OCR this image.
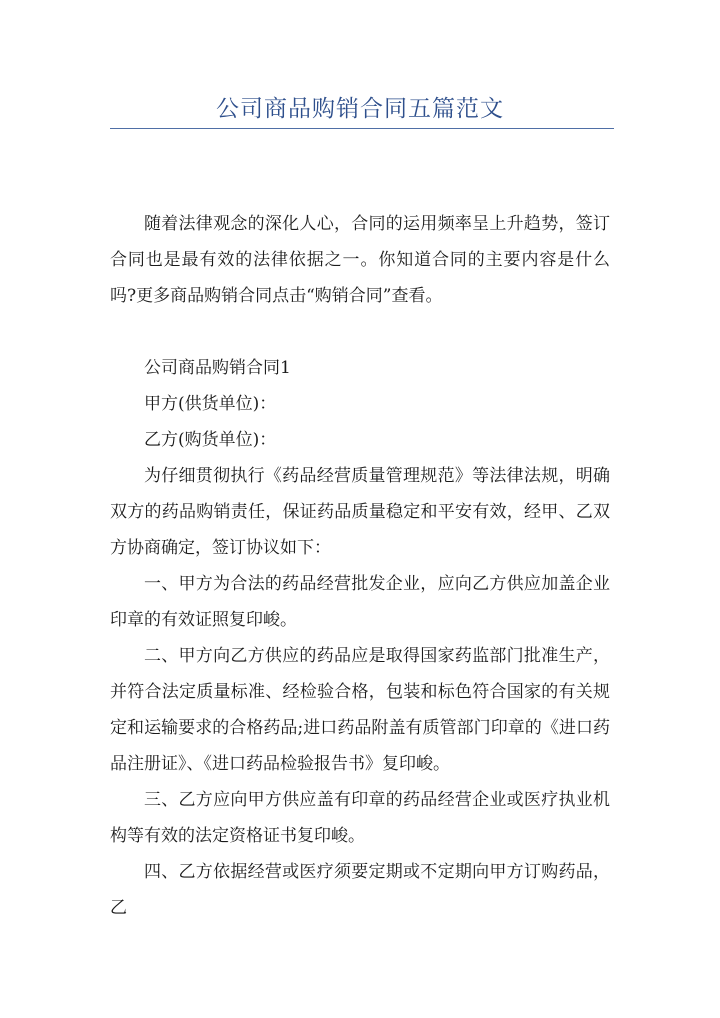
公司商品购销合同五篇范文

随着法律观念的深化人心，合同的运用频率呈上升趋势，签订合同也是最有效的法律依据之一。你知道合同的主要内容是什么吗?更多商品购销合同点击“购销合同”查看。

公司商品购销合同1

甲方(供货单位)：

乙方(购货单位)：

为仔细贯彻执行《药品经营质量管理规范》等法律法规，明确双方的药品购销责任，保证药品质量稳定和平安有效，经甲、乙双方协商确定，签订协议如下：

一、甲方为合法的药品经营批发企业，应向乙方供应加盖企业印章的有效证照复印峻。

二、甲方向乙方供应的药品应是取得国家药监部门批准生产，并符合法定质量标准、经检验合格，包装和标色符合国家的有关规定和运输要求的合格药品;进口药品附盖有质管部门印章的《进口药品注册证》、《进口药品检验报告书》复印峻。

三、乙方应向甲方供应盖有印章的药品经营企业或医疗执业机构等有效的法定资格证书复印峻。

四、乙方依据经营或医疗须要定期或不定期向甲方订购药品，乙
